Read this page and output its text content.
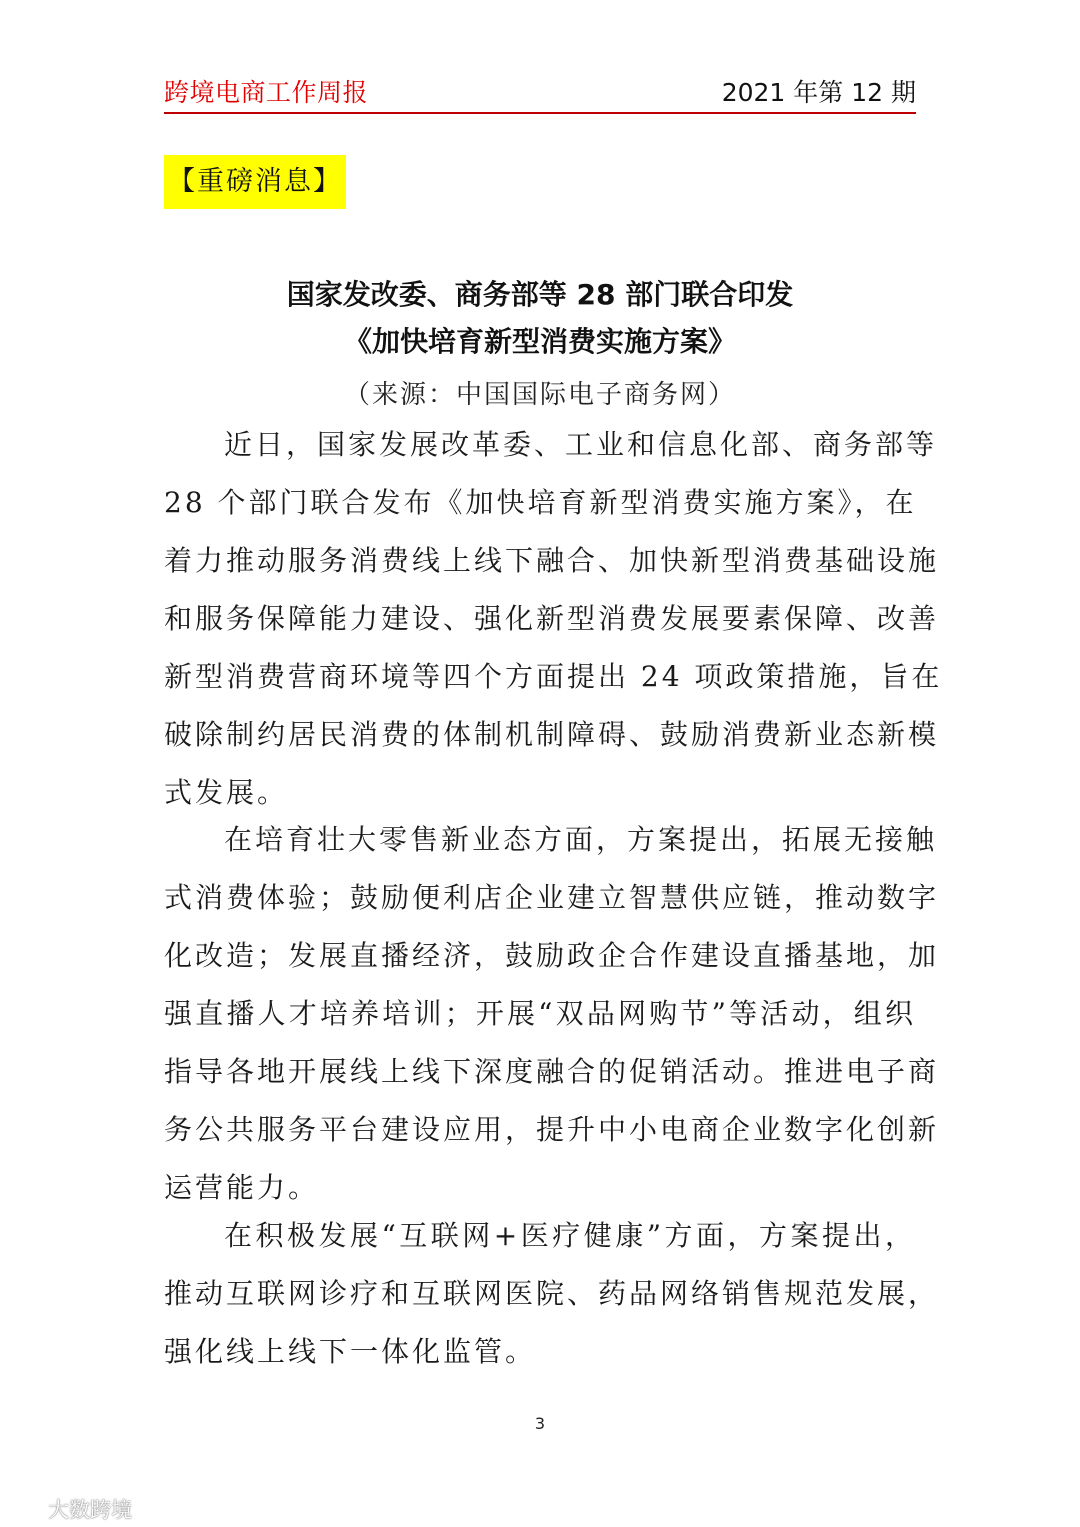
跨境电商工作周报	2021 年第 12 期
【重磅消息】
国家发改委、商务部等 28 部门联合印发
《加快培育新型消费实施方案》
（来源：中国国际电子商务网）
近日，国家发展改革委、工业和信息化部、商务部等
28 个部门联合发布《加快培育新型消费实施方案》，在
着力推动服务消费线上线下融合、加快新型消费基础设施
和服务保障能力建设、强化新型消费发展要素保障、改善
新型消费营商环境等四个方面提出 24 项政策措施，旨在
破除制约居民消费的体制机制障碍、鼓励消费新业态新模
式发展。
在培育壮大零售新业态方面，方案提出，拓展无接触
式消费体验；鼓励便利店企业建立智慧供应链，推动数字
化改造；发展直播经济，鼓励政企合作建设直播基地，加
强直播人才培养培训；开展“双品网购节”等活动，组织
指导各地开展线上线下深度融合的促销活动。推进电子商
务公共服务平台建设应用，提升中小电商企业数字化创新
运营能力。
在积极发展“互联网+医疗健康”方面，方案提出，
推动互联网诊疗和互联网医院、药品网络销售规范发展，
强化线上线下一体化监管。
3
大数跨境
